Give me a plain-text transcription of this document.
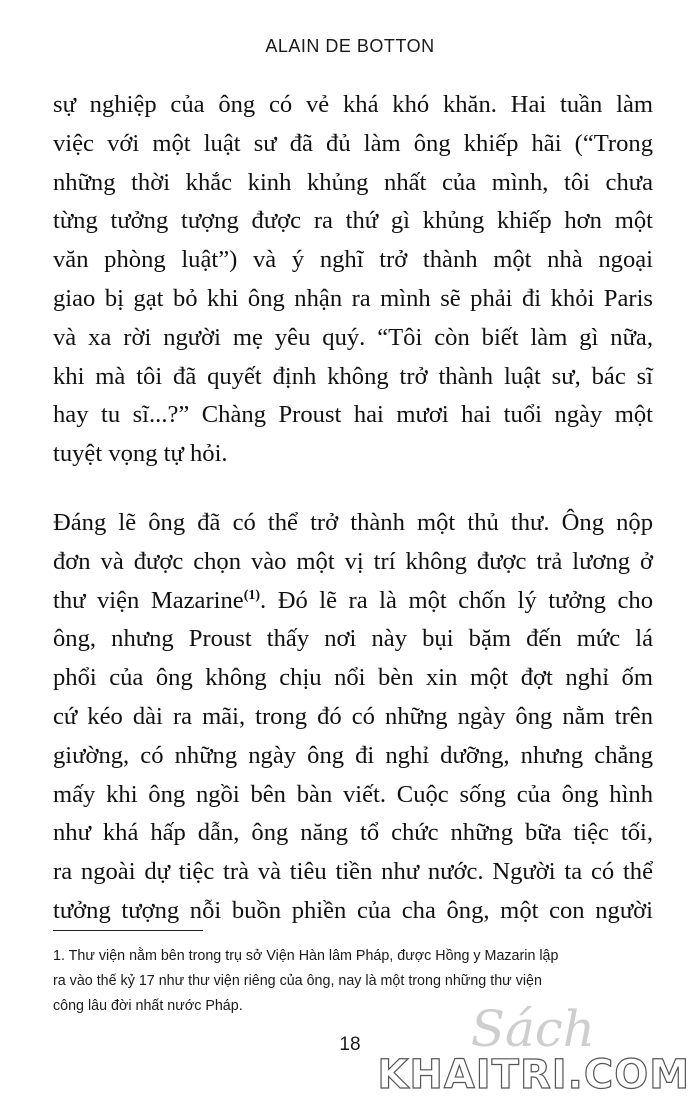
ALAIN DE BOTTON

sự nghiệp của ông có vẻ khá khó khăn. Hai tuần làm
việc với một luật sư đã đủ làm ông khiếp hãi (“Trong
những thời khắc kinh khủng nhất của mình, tôi chưa
từng tưởng tượng được ra thứ gì khủng khiếp hơn một
văn phòng luật”) và ý nghĩ trở thành một nhà ngoại
giao bị gạt bỏ khi ông nhận ra mình sẽ phải đi khỏi Paris
và xa rời người mẹ yêu quý. “Tôi còn biết làm gì nữa,
khi mà tôi đã quyết định không trở thành luật sư, bác sĩ
hay tu sĩ...?” Chàng Proust hai mươi hai tuổi ngày một
tuyệt vọng tự hỏi.

Đáng lẽ ông đã có thể trở thành một thủ thư. Ông nộp
đơn và được chọn vào một vị trí không được trả lương ở
thư viện Mazarine$^{(1)}$. Đó lẽ ra là một chốn lý tưởng cho
ông, nhưng Proust thấy nơi này bụi bặm đến mức lá
phổi của ông không chịu nổi bèn xin một đợt nghỉ ốm
cứ kéo dài ra mãi, trong đó có những ngày ông nằm trên
giường, có những ngày ông đi nghỉ dưỡng, nhưng chẳng
mấy khi ông ngồi bên bàn viết. Cuộc sống của ông hình
như khá hấp dẫn, ông năng tổ chức những bữa tiệc tối,
ra ngoài dự tiệc trà và tiêu tiền như nước. Người ta có thể
tưởng tượng nỗi buồn phiền của cha ông, một con người

1. Thư viện nằm bên trong trụ sở Viện Hàn lâm Pháp, được Hồng y Mazarin lập
ra vào thế kỷ 17 như thư viện riêng của ông, nay là một trong những thư viện
công lâu đời nhất nước Pháp.
18	Sách
KHAITRI.COM
